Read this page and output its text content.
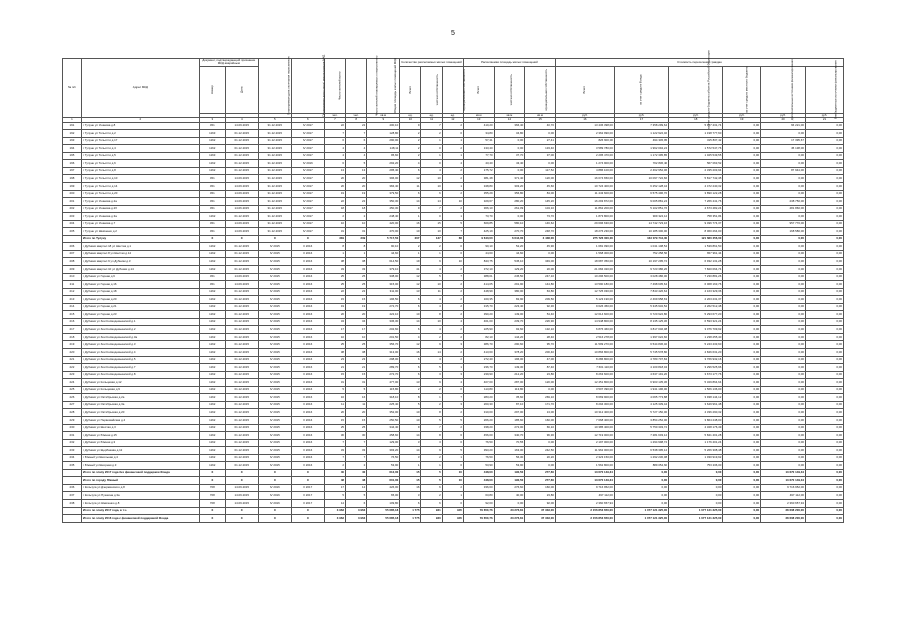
5
№ п/п	Адрес МКД	Документ, подтверждающий признание МКД аварийным		Планируемая дата окончания переселения	Планируемая дата сноса/ реконструкции МКД	Число жителей всего	Число жителей планируемых к переселению	Общая площадь жилых помещений МКД	Количество расселяемых жилых помещений			Расселяемая площадь жилых помещений			Стоимость переселения граждан					
		Номер	Дата						Всего	частная собственность	муниципальная собственность	Всего	частная собственность	муниципальная собственность	Всего	за счет средств Фонда	за счет средств бюджета субъекта Российской Федерации	за счет средств местного бюджета	Дополнительные источники финансирования	Внебюджетные источники финансирования
						чел.	чел.	кв.м	ед.	ед.	ед.	кв.м	кв.м	кв.м	руб.	руб.	руб.	руб.	руб.	руб.
1	2	3	4	5	6	7	8	9	10	11	12	13	14	15	16	17	18	19	20	21
191	г Тулуне ул Ушакова д.8	451	14.09.2015	31.12.2015	IV 2017	22	22	400,10	9	7	2	410,20	366,40	40,70	13 436 398,00	7 358 299,64	5 957 431,74	0,00	66 221,00	0,00
192	г Тулуне ул Тольятти д.2	1163	01.12.2015	31.12.2015	IV 2017	7	7	128,80	2	2	0	34,80	34,80	0,00	2 362 990,00	1 122 922,40	1 198 777,60	0,00	0,00	0,00
193	г Тулуне ул Тольятти д.17	1162	01.12.2015	31.12.2015	IV 2017	6	6	290,00	2	1	1	57,41	0,00	27,41	826 600,00	494 345,95	315 837,42	0,00	17 395,67	0,00
194	г Тулуне ул Тольятти д.4	1162	01.12.2015	31.12.2015	IV 2017	4	4	148,11	2	0	2	133,40	0,00	133,40	3 589 780,00	1 962 094,24	1 572 547,76	0,00	45 138,00	0,00
195	г Тулуне ул Тольятти д.5	1163	01.12.2015	31.12.2015	IV 2017	4	4	95,60	2	1	1	77,70	37,70	37,00	2 295 470,00	1 172 395,85	1 025 549,55	0,00	0,00	0,00
196	г Тулуне ул Тольятти д.6	1162	01.12.2015	31.12.2015	IV 2016	6	5	292,20	4	0	4	43,40	43,40	0,00	1 274 900,00	702 836,40	567 063,52	0,00	0,00	0,00
197	г Тулуне ул Тольятти д.8	1162	01.12.2015	31.12.2015	IV 2017	13	13	295,40	6	4	2	175,72	0,00	117,52	4 886 100,00	2 462 952,06	2 335 203,94	0,00	87 944,00	0,00
198	г Тулуне ул Тольятти д.10	451	14.09.2015	31.12.2015	IV 2017	20	20	396,00	12	10	2	381,48	371,40	120,00	16 074 650,00	10 097 722,66	5 817 742,45	0,00	0,00	0,00
199	г Тулуне ул Тольятти д.14	451	14.09.2015	31.12.2015	IV 2017	20	20	384,40	11	10	1	348,80	303,20	45,60	10 724 400,00	6 252 128,44	4 472 240,32	0,00	0,00	0,00
200	г Тулуне ул Тольятти д.20	451	14.09.2015	31.12.2015	IV 2017	19	19	379,50	6	6	2	355,29	356,80	84,00	11 443 600,00	6 575 496,70	3 890 122,28	0,00	0,00	0,00
201	г Тулуне ул Ушакова д.2а	451	14.09.2015	31.12.2015	IV 2017	22	22	350,30	14	14	10	329,67	280,20	145,20	16 293 872,00	9 005 881,24	7 266 441,76	0,00	238 750,00	0,00
202	г Тулуне ул Ушакова д.2б	451	14.06.2015	31.12.2015	IV 2017	18	18	450,30	9	7	2	366,10	261,09	104,10	11 862 200,00	5 102 851,76	4 673 482,24	0,00	481 860,00	0,00
203	г Тулуне ул Ушакова д.3а	1162	01.12.2015	31.12.2015	IV 2017	2	2	248,40	1	0	1	73,70	0,00	73,70	1 873 800,00	909 324,12	758 351,84	0,00	0,00	0,00
204	г Тулуне ул Ушакова д.7	451	14.09.2015	31.12.2015	IV 2017	10	10	420,00	16	15	5	669,85	580,10	146,62	29 696 630,00	14 742 723,16	9 496 774,37	0,00	957 770,00	0,00
205	г Тулуне ул Шевченко д.2	451	14.09.2015	31.12.2015	IV 2017	31	31	470,00	10	10	7	425,19	270,70	248,70	18 276 230,00	10 185 300,00	8 060 264,00	0,00	168 580,00	0,00
	Итого по Тулуну	X	X	X	X	339	339	5 717,50	207	137	68	9 640,00	6 644,00	3 438,00	275 726 000,00	163 079 744,00	121 660 256,00	0,00	0,00	0,00
206	г Дубники квартал 18 ул Шестая д.1	1162	01.12.2015	IV 2015	II 2016	8	8	90,10	2	2	0	90,10	52,20	45,90	1 681 090,00	1 041 108,54	1 539 861,50	0,00	0,00	0,00
207	г Дубники квартал 8 ул Шестая д.14	1162	01.12.2015	IV 2015	II 2016	1	1	44,60	1	1	0	44,60	44,60	0,00	1 568 300,00	752 258,56	657 961,44	0,00	0,00	0,00
208	г Дубники квартал 9 ул Дубники д.3	1162	01.12.2015	IV 2015	II 2016	38	38	614,50	19	9	10	843,75	545,10	349,00	18 687 350,00	10 197 295,72	6 932 131,28	0,00	0,00	0,00
209	г Дубники квартал 10 ул Дубники д.14	1162	01.12.2015	IV 2015	II 2016	33	33	379,10	41	4	2	372,10	129,20	20,00	21 084 320,00	9 723 386,26	7 820 064,74	0,00	0,00	0,00
210	г Дубники ул Горная д.6	451	14.09.2015	IV 2015	II 2016	25	25	338,00	12	5	7	388,01	245,50	247,10	10 296 500,00	3 028 486,00	7 230 881,26	0,00	0,00	0,00
211	г Дубники ул Горная д.16	451	14.09.2015	IV 2015	II 2016	25	25	315,00	12	10	2	414,05	291,90	144,80	13 590 180,00	7 498 605,64	6 068 163,76	0,00	0,00	0,00
212	г Дубники ул Горная д.18	1162	01.12.2015	IV 2015	II 2016	22	22	311,00	13	11	2	448,99	380,00	63,80	12 725 030,00	7 843 426,64	4 163 329,36	0,00	0,00	0,00
213	г Дубники ул Горная д.20	1162	01.12.2015	IV 2015	II 2016	15	15	196,50	6	4	2	160,35	82,90	209,50	5 123 190,00	2 469 958,63	2 203 231,37	0,00	0,00	0,00
214	г Дубники ул Горная д.21	1162	01.12.2015	IV 2015	II 2016	19	19	272,70	6	4	2	315,70	223,40	92,30	9 626 450,00	5 345 932,52	4 262 512,48	0,00	0,00	0,00
215	г Дубники ул Горная д.23	1162	01.12.2015	IV 2015	II 2016	20	20	422,10	10	8	2	390,20	149,00	54,40	12 614 600,00	6 720 922,80	5 293 677,20	0,00	0,00	0,00
216	г Дубники ул Зои Космодемьянской д.1	1162	01.12.2015	IV 2015	II 2016	34	34	336,30	14	10	4	461,00	239,70	226,90	14 948 800,00	8 135 125,36	6 593 321,24	0,00	0,00	0,00
217	г Дубники ул Зои Космодемьянской д.2	1162	01.12.2015	IV 2015	II 2016	17	17	202,60	6	4	2	225,90	92,60	132,10	6 876 460,00	3 817 046,08	3 076 709,92	0,00	0,00	0,00
218	г Дубники ул Зои Космодемьянской д.3а	1162	01.12.2015	IV 2015	II 2016	10	10	201,50	4	2	2	82,10	144,20	28,40	2 516 278,00	1 397 022,60	1 238 255,40	0,00	0,00	0,00
219	г Дубники ул Зои Космодемьянской д.3	1162	01.12.2015	IV 2015	II 2016	25	25	356,70	12	9	3	386,70	290,60	95,70	11 599 270,00	6 544 836,40	5 243 433,60	0,00	0,00	0,00
220	г Дубники ул Зои Космодемьянской д.4	1162	01.12.2015	IV 2015	II 2016	38	38	313,00	16	14	2	413,60	378,20	200,40	10 866 800,00	5 745 578,80	4 846 631,20	0,00	0,00	0,00
221	г Дубники ул Зои Космодемьянской д.5	1162	01.12.2015	IV 2015	II 2016	23	23	298,00	6	4	2	272,40	196,00	47,00	8 286 800,00	4 780 707,84	3 766 932,16	0,00	0,00	0,00
222	г Дубники ул Зои Космодемьянской д.7	1162	01.12.2015	IV 2015	II 2016	21	21	289,70	6	5	1	236,70	149,30	87,40	7 601 110,00	4 100 818,04	3 296 525,96	0,00	0,00	0,00
223	г Дубники ул Зои Космодемьянской д.8	1162	01.12.2015	IV 2015	II 2016	15	15	272,70	6	3	3	239,90	212,20	23,80	8 263 600,00	4 637 191,20	3 673 177,76	0,00	0,00	0,00
224	г Дубники ул Кольцевая д.12	1162	01.12.2015	IV 2015	II 2016	31	31	477,00	13	9	4	407,00	287,00	120,00	12 451 800,00	6 903 135,36	5 329 864,64	0,00	0,00	0,00
225	г Дубники ул Кольцевая д.9	1162	01.12.2015	IV 2015	II 2016	5	5	115,80	2	2	0	113,80	113,80	0,00	3 507 390,00	1 941 196,00	1 566 136,00	0,00	0,00	0,00
226	г Дубники ул Октябрьская д.2а	1162	01.12.2015	IV 2015	II 2016	16	16	318,10	8	1	7	283,20	35,60	269,10	8 669 900,00	4 065 773,88	3 938 144,12	0,00	0,00	0,00
227	г Дубники ул Октябрьская д.3а	1162	01.12.2015	IV 2015	II 2016	11	11	225,40	5	2	3	260,30	87,10	171,70	8 294 300,00	4 125 339,44	3 649 961,48	0,00	0,00	0,00
228	г Дубники ул Октябрьская д.20	1162	01.12.2015	IV 2015	II 2016	20	20	352,00	10	8	2	310,00	297,00	13,00	10 312 400,00	5 727 150,00	4 336 290,32	0,00	0,00	0,00
229	г Дубники ул Первомайская д.4	1162	01.12.2015	IV 2015	II 2016	15	15	250,50	10	5	5	266,20	185,60	160,00	7 668 400,00	3 854 252,00	3 864 248,00	0,00	0,00	0,00
230	г Дубники ул Шестая д.3	1162	01.12.2015	IV 2015	II 2016	25	25	344,40	9	7	2	338,20	272,00	66,10	10 385 400,00	5 750 303,72	4 328 176,49	0,00	0,00	0,00
231	г Дубники ул Южная д.15	1162	01.12.2015	IV 2015	II 2016	30	30	458,60	14	8	6	456,00	340,70	96,30	12 719 000,00	7 281 603,12	5 841 401,28	0,00	0,00	0,00
232	г Дубники ул Южная д.3	1162	01.12.2015	IV 2015	II 2016	7	7	129,00	3	3	0	76,50	70,55	0,00	2 197 000,00	1 294 998,72	1 176 401,24	0,00	0,00	0,00
233	г Дубники ул Щербакова д.12	1162	01.12.2015	IV 2015	II 2016	33	33	393,20	14	9	5	393,20	163,00	242,50	11 962 000,00	6 538 395,12	5 266 308,48	0,00	0,00	0,00
234	г Южный ул Школьная д.4	1162	01.12.2015	IV 2015	II 2016	7	7	76,50	3	2	1	76,50	56,30	20,20	2 323 150,00	1 292 230,08	1 030 919,92	0,00	0,00	0,00
235	г Южный ул Шкорная д.3	1162	01.12.2015	IV 2015	II 2016	2	2	53,90	1	1	0	53,90	53,90	0,00	1 562 800,00	889 054,60	753 236,00	0,00	0,00	0,00
	Итого по этапу 2017 года без финансовой поддержки Фонда	X	X	X	X	40	40	612,00	15	5	10	448,00	190,50	277,60	13 670 149,34	0,00	0,00	0,00	13 670 149,34	0,00
	Итого по городу Южный	X	X	X	X	48	48	601,00	15	5	10	448,00	190,50	277,60	13 670 149,34	0,00	0,00	0,00	13 670 149,34	0,00
236	г Кольчуга ул Дзержинского д.8	708	14.09.2015	IV 2016	II 2017	17	12	426,00	16	6	2	336,60	276,60	160,00	9 716 952,00	0,00	0,00	0,00	9 716 952,00	0,00
237	г Кольчуга ул Пушкина д.3а	708	14.09.2015	IV 2016	II 2017	5	5	65,00	3	2	1	63,80	40,00	23,80	497 112,00	0,00	0,00	0,00	497 112,00	0,00
238	г Кольчуга ул Шевченко д.8	708	14.09.2015	IV 2016	II 2017	14	6	109,80	6	6	0	92,00	0,00	92,00	2 360 657,94	0,00	0,00	0,00	2 360 657,94	0,00
	Итого по этапу 2017 года, в т.ч.	X	X	X	X	3 963	3 963	55 685,18	1 775	931	945	79 650,76	33 276,81	37 333,00	2 156 853 650,00	1 077 121 325,00	1 077 121 325,00	0,00	28 608 200,00	0,00
	Итого по этапу 2016 года с финансовой поддержкой Фонда	X	X	X	X	3 963	3 963	55 685,18	1 775	930	945	79 650,76	33 276,81	37 333,00	2 156 853 650,00	1 077 121 325,00	1 077 121 325,00	0,00	28 608 200,00	0,00
